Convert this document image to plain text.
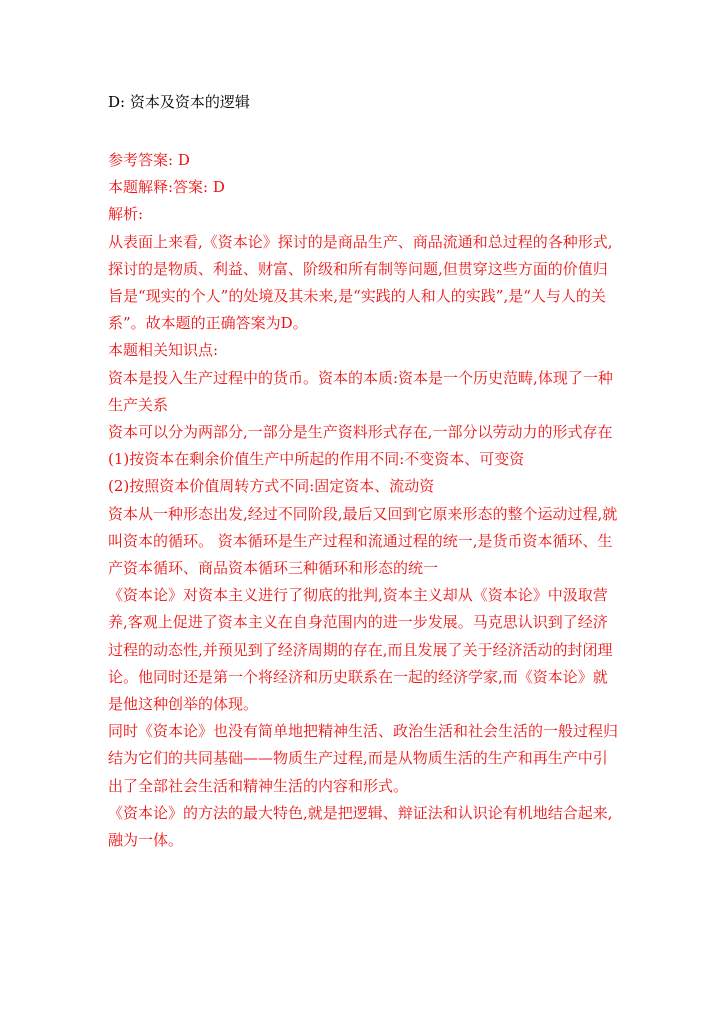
D: 资本及资本的逻辑

参考答案: D

本题解释:答案: D

解析:

从表面上来看,《资本论》探讨的是商品生产、商品流通和总过程的各种形式,探讨的是物质、利益、财富、阶级和所有制等问题,但贯穿这些方面的价值归旨是“现实的个人”的处境及其未来,是“实践的人和人的实践”,是“人与人的关系”。故本题的正确答案为D。

本题相关知识点:

资本是投入生产过程中的货币。资本的本质:资本是一个历史范畴,体现了一种生产关系

资本可以分为两部分,一部分是生产资料形式存在,一部分以劳动力的形式存在

(1)按资本在剩余价值生产中所起的作用不同:不变资本、可变资

(2)按照资本价值周转方式不同:固定资本、流动资

资本从一种形态出发,经过不同阶段,最后又回到它原来形态的整个运动过程,就叫资本的循环。 资本循环是生产过程和流通过程的统一,是货币资本循环、生产资本循环、商品资本循环三种循环和形态的统一

《资本论》对资本主义进行了彻底的批判,资本主义却从《资本论》中汲取营养,客观上促进了资本主义在自身范围内的进一步发展。马克思认识到了经济过程的动态性,并预见到了经济周期的存在,而且发展了关于经济活动的封闭理论。他同时还是第一个将经济和历史联系在一起的经济学家,而《资本论》就是他这种创举的体现。

同时《资本论》也没有简单地把精神生活、政治生活和社会生活的一般过程归结为它们的共同基础——物质生产过程,而是从物质生活的生产和再生产中引出了全部社会生活和精神生活的内容和形式。

《资本论》的方法的最大特色,就是把逻辑、辩证法和认识论有机地结合起来,融为一体。
